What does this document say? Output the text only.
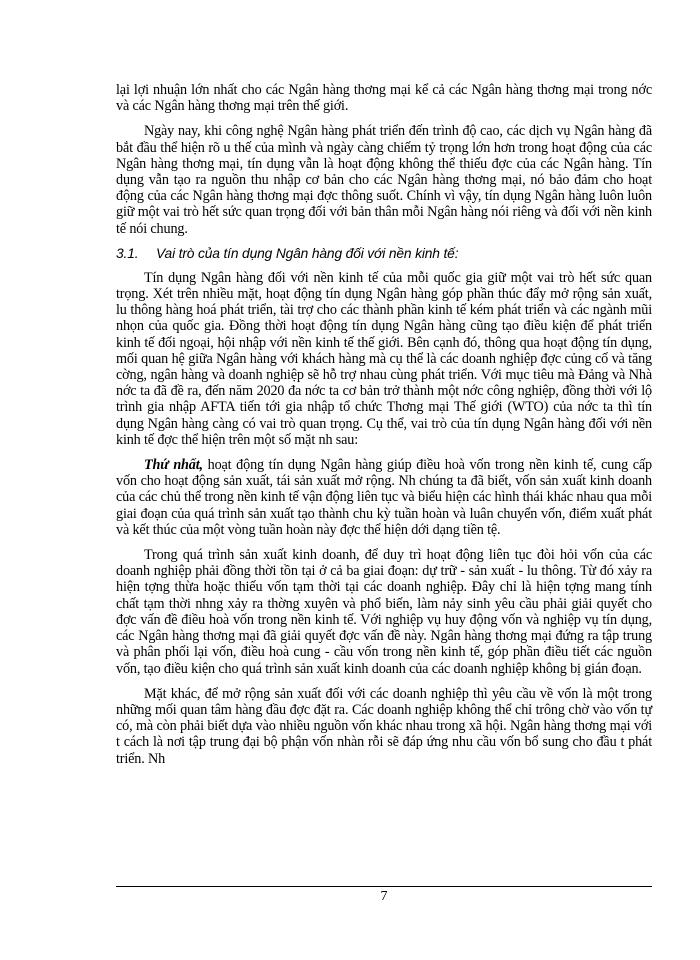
lại lợi nhuận lớn nhất cho các Ngân hàng thơng mại kể cả các Ngân hàng thơng mại trong nớc và các Ngân hàng thơng mại trên thế giới.

Ngày nay, khi công nghệ Ngân hàng phát triển đến trình độ cao, các dịch vụ Ngân hàng đã bắt đầu thể hiện rõ u thế của mình và ngày càng chiếm tỷ trọng lớn hơn trong hoạt động của các Ngân hàng thơng mại, tín dụng vẫn là hoạt động không thể thiếu đợc của các Ngân hàng. Tín dụng vẫn tạo ra nguồn thu nhập cơ bản cho các Ngân hàng thơng mại, nó bảo đảm cho hoạt động của các Ngân hàng thơng mại đợc thông suốt. Chính vì vậy, tín dụng Ngân hàng luôn luôn giữ một vai trò hết sức quan trọng đối với bản thân mỗi Ngân hàng nói riêng và đối với nền kinh tế nói chung.

3.1. Vai trò của tín dụng Ngân hàng đối với nền kinh tế:

Tín dụng Ngân hàng đối với nền kinh tế của mỗi quốc gia giữ một vai trò hết sức quan trọng. Xét trên nhiều mặt, hoạt động tín dụng Ngân hàng góp phần thúc đẩy mở rộng sản xuất, lu thông hàng hoá phát triển, tài trợ cho các thành phần kinh tế kém phát triển và các ngành mũi nhọn của quốc gia. Đồng thời hoạt động tín dụng Ngân hàng cũng tạo điều kiện để phát triển kinh tế đối ngoại, hội nhập với nền kinh tế thế giới. Bên cạnh đó, thông qua hoạt động tín dụng, mối quan hệ giữa Ngân hàng với khách hàng mà cụ thể là các doanh nghiệp đợc củng cố và tăng cờng, ngân hàng và doanh nghiệp sẽ hỗ trợ nhau cùng phát triển. Với mục tiêu mà Đảng và Nhà nớc ta đã đề ra, đến năm 2020 đa nớc ta cơ bản trở thành một nớc công nghiệp, đồng thời với lộ trình gia nhập AFTA tiến tới gia nhập tổ chức Thơng mại Thế giới (WTO) của nớc ta thì tín dụng Ngân hàng càng có vai trò quan trọng. Cụ thể, vai trò của tín dụng Ngân hàng đối với nền kinh tế đợc thể hiện trên một số mặt nh sau:

Thứ nhất, hoạt động tín dụng Ngân hàng giúp điều hoà vốn trong nền kinh tế, cung cấp vốn cho hoạt động sản xuất, tái sản xuất mở rộng. Nh chúng ta đã biết, vốn sản xuất kinh doanh của các chủ thể trong nền kinh tế vận động liên tục và biểu hiện các hình thái khác nhau qua mỗi giai đoạn của quá trình sản xuất tạo thành chu kỳ tuần hoàn và luân chuyển vốn, điểm xuất phát và kết thúc của một vòng tuần hoàn này đợc thể hiện dới dạng tiền tệ.

Trong quá trình sản xuất kinh doanh, để duy trì hoạt động liên tục đòi hỏi vốn của các doanh nghiệp phải đồng thời tồn tại ở cả ba giai đoạn: dự trữ - sản xuất - lu thông. Từ đó xảy ra hiện tợng thừa hoặc thiếu vốn tạm thời tại các doanh nghiệp. Đây chỉ là hiện tợng mang tính chất tạm thời nhng xảy ra thờng xuyên và phổ biến, làm nảy sinh yêu cầu phải giải quyết cho đợc vấn đề điều hoà vốn trong nền kinh tế. Với nghiệp vụ huy động vốn và nghiệp vụ tín dụng, các Ngân hàng thơng mại đã giải quyết đợc vấn đề này. Ngân hàng thơng mại đứng ra tập trung và phân phối lại vốn, điều hoà cung - cầu vốn trong nền kinh tế, góp phần điều tiết các nguồn vốn, tạo điều kiện cho quá trình sản xuất kinh doanh của các doanh nghiệp không bị gián đoạn.

Mặt khác, để mở rộng sản xuất đối với các doanh nghiệp thì yêu cầu về vốn là một trong những mối quan tâm hàng đầu đợc đặt ra. Các doanh nghiệp không thể chỉ trông chờ vào vốn tự có, mà còn phải biết dựa vào nhiều nguồn vốn khác nhau trong xã hội. Ngân hàng thơng mại với t cách là nơi tập trung đại bộ phận vốn nhàn rỗi sẽ đáp ứng nhu cầu vốn bổ sung cho đầu t phát triển. Nh

7
